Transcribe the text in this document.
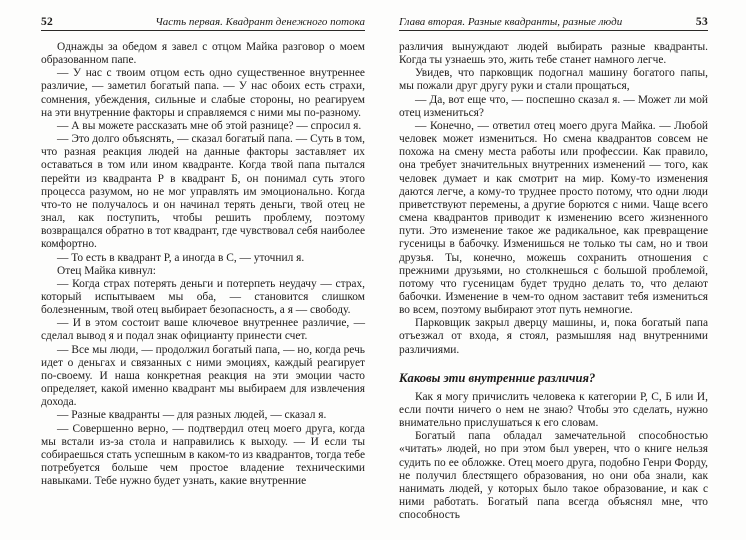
52	Часть первая. Квадрант денежного потока

Однажды за обедом я завел с отцом Майка разговор о моем образованном папе.

— У нас с твоим отцом есть одно существенное внутреннее различие, — заметил богатый папа. — У нас обоих есть страхи, сомнения, убеждения, сильные и слабые стороны, но реагируем на эти внутренние факторы и справляемся с ними мы по-разному.

— А вы можете рассказать мне об этой разнице? — спросил я.

— Это долго объяснять, — сказал богатый папа. — Суть в том, что разная реакция людей на данные факторы заставляет их оставаться в том или ином квадранте. Когда твой папа пытался перейти из квадранта Р в квадрант Б, он понимал суть этого процесса разумом, но не мог управлять им эмоционально. Когда что-то не получалось и он начинал терять деньги, твой отец не знал, как поступить, чтобы решить проблему, поэтому возвращался обратно в тот квадрант, где чувствовал себя наиболее комфортно.

— То есть в квадрант Р, а иногда в С, — уточнил я.

Отец Майка кивнул:

— Когда страх потерять деньги и потерпеть неудачу — страх, который испытываем мы оба, — становится слишком болезненным, твой отец выбирает безопасность, а я — свободу.

— И в этом состоит ваше ключевое внутреннее различие, — сделал вывод я и подал знак официанту принести счет.

— Все мы люди, — продолжил богатый папа, — но, когда речь идет о деньгах и связанных с ними эмоциях, каждый реагирует по-своему. И наша конкретная реакция на эти эмоции часто определяет, какой именно квадрант мы выбираем для извлечения дохода.

— Разные квадранты — для разных людей, — сказал я.

— Совершенно верно, — подтвердил отец моего друга, когда мы встали из-за стола и направились к выходу. — И если ты собираешься стать успешным в каком-то из квадрантов, тогда тебе потребуется больше чем простое владение техническими навыками. Тебе нужно будет узнать, какие внутренние

Глава вторая. Разные квадранты, разные люди	53

различия вынуждают людей выбирать разные квадранты. Когда ты узнаешь это, жить тебе станет намного легче.

Увидев, что парковщик подогнал машину богатого папы, мы пожали друг другу руки и стали прощаться,

— Да, вот еще что, — поспешно сказал я. — Может ли мой отец измениться?

— Конечно, — ответил отец моего друга Майка. — Любой человек может измениться. Но смена квадрантов совсем не похожа на смену места работы или профессии. Как правило, она требует значительных внутренних изменений — того, как человек думает и как смотрит на мир. Кому-то изменения даются легче, а кому-то труднее просто потому, что одни люди приветствуют перемены, а другие борются с ними. Чаще всего смена квадрантов приводит к изменению всего жизненного пути. Это изменение такое же радикальное, как превращение гусеницы в бабочку. Изменишься не только ты сам, но и твои друзья. Ты, конечно, можешь сохранить отношения с прежними друзьями, но столкнешься с большой проблемой, потому что гусеницам будет трудно делать то, что делают бабочки. Изменение в чем-то одном заставит тебя измениться во всем, поэтому выбирают этот путь немногие.

Парковщик закрыл дверцу машины, и, пока богатый папа отъезжал от входа, я стоял, размышляя над внутренними различиями.

Каковы эти внутренние различия?

Как я могу причислить человека к категории Р, С, Б или И, если почти ничего о нем не знаю? Чтобы это сделать, нужно внимательно прислушаться к его словам.

Богатый папа обладал замечательной способностью «читать» людей, но при этом был уверен, что о книге нельзя судить по ее обложке. Отец моего друга, подобно Генри Форду, не получил блестящего образования, но они оба знали, как нанимать людей, у которых было такое образование, и как с ними работать. Богатый папа всегда объяснял мне, что способность
